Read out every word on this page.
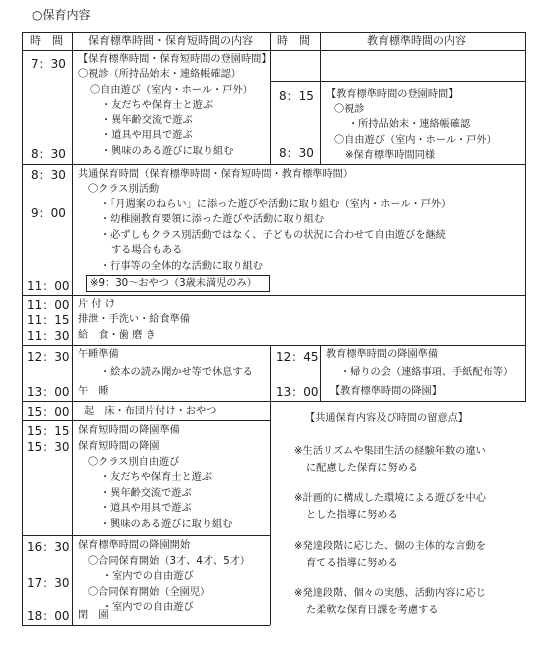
○保育内容
時　間 保育標準時間・保育短時間の内容 時　間	教育標準時間の内容
7：30
8：30
【保育標準時間・保育短時間の登園時間】
〇視診（所持品始末・連絡帳確認）
〇自由遊び（室内・ホール・戸外）
・友だちや保育士と遊ぶ
・異年齢交流で遊ぶ
・道具や用具で遊ぶ
・興味のある遊びに取り組む
8：15
8：30
【教育標準時間の登園時間】
〇視診
・所持品始末・連絡帳確認
〇自由遊び（室内・ホール・戸外）
※保育標準時間同様
8：30
9：00
11：00
共通保育時間（保育標準時間・保育短時間・教育標準時間）
〇クラス別活動
・「月週案のねらい」に添った遊びや活動に取り組む（室内・ホール・戸外）
・幼稚園教育要領に添った遊びや活動に取り組む
・必ずしもクラス別活動ではなく、子どもの状況に合わせて自由遊びを継続
する場合もある
・行事等の全体的な活動に取り組む
※9：30～おやつ（3歳未満児のみ）
11：00
11：15
11：30
片 付 け
排泄・手洗い・給食準備
給　食・歯 磨 き
12：30
13：00
午睡準備
・絵本の読み聞かせ等で休息する
午　睡
12：45
13：00
教育標準時間の降園準備
・帰りの会（連絡事項、手紙配布等）
【教育標準時間の降園】
15：00 起　床・布団片付け・おやつ
15：15
15：30
保育短時間の降園準備
保育短時間の降園
〇クラス別自由遊び
・友だちや保育士と遊ぶ
・異年齢交流で遊ぶ
・道具や用具で遊ぶ
・興味のある遊びに取り組む
16：30
17：30
18：00
保育標準時間の降園開始
〇合同保育開始（3才、4才、5才）
・室内での自由遊び
〇合同保育開始（全園児）
・室内での自由遊び
閉　園
【共通保育内容及び時間の留意点】
※生活リズムや集団生活の経験年数の違い
に配慮した保育に努める
※計画的に構成した環境による遊びを中心
とした指導に努める
※発達段階に応じた、個の主体的な言動を
育てる指導に努める
※発達段階、個々の実態、活動内容に応じ
た柔軟な保育日課を考慮する
